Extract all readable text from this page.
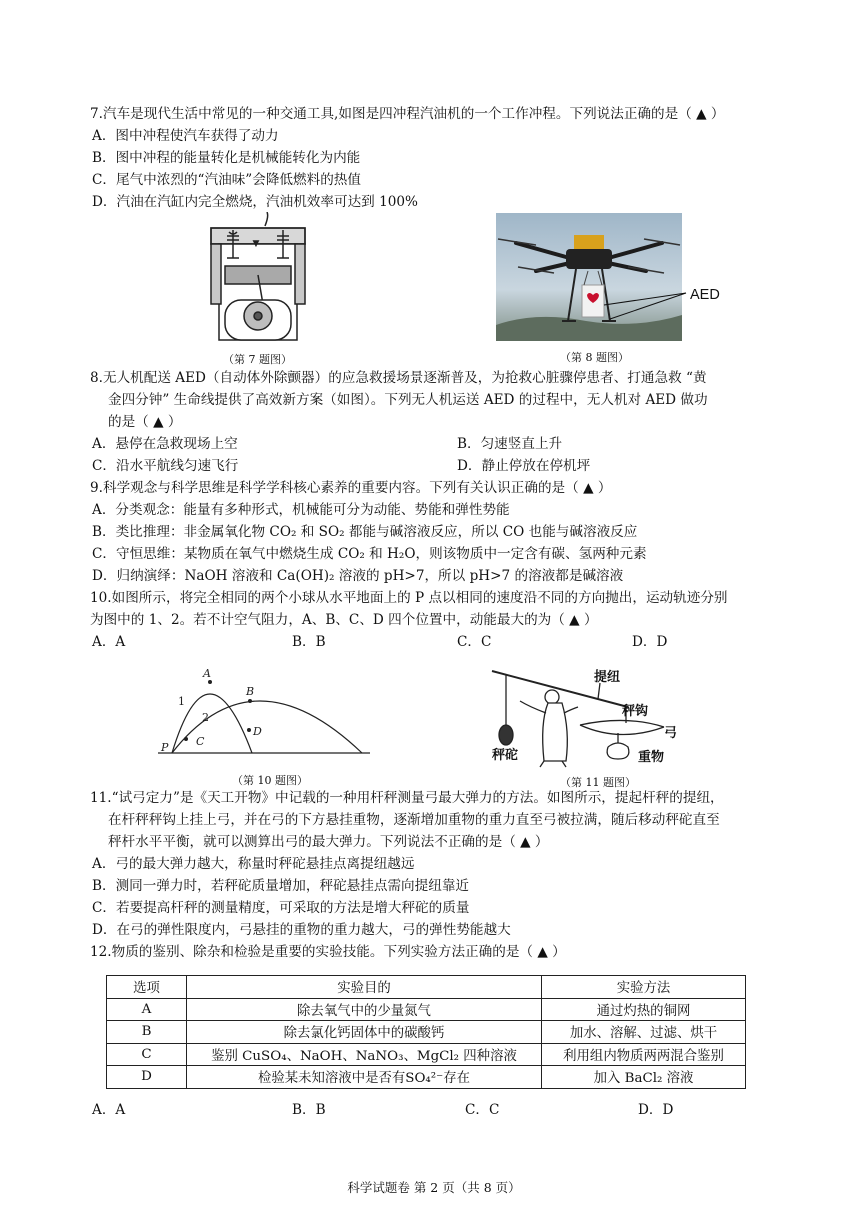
7.汽车是现代生活中常见的一种交通工具,如图是四冲程汽油机的一个工作冲程。下列说法正确的是（ ▲ ）
A．图中冲程使汽车获得了动力
B．图中冲程的能量转化是机械能转化为内能
C．尾气中浓烈的“汽油味”会降低燃料的热值
D．汽油在汽缸内完全燃烧，汽油机效率可达到 100%
▼
（第 7 题图）
AED
（第 8 题图）
8.无人机配送 AED（自动体外除颤器）的应急救援场景逐渐普及，为抢救心脏骤停患者、打通急救 “黄
金四分钟” 生命线提供了高效新方案（如图）。下列无人机运送 AED 的过程中，无人机对 AED 做功
的是（ ▲ ）
A．悬停在急救现场上空	B．匀速竖直上升
C．沿水平航线匀速飞行	D．静止停放在停机坪
9.科学观念与科学思维是科学学科核心素养的重要内容。下列有关认识正确的是（ ▲ ）
A．分类观念：能量有多种形式，机械能可分为动能、势能和弹性势能
B．类比推理：非金属氧化物 CO₂ 和 SO₂ 都能与碱溶液反应，所以 CO 也能与碱溶液反应
C．守恒思维：某物质在氧气中燃烧生成 CO₂ 和 H₂O，则该物质中一定含有碳、氢两种元素
D．归纳演绎：NaOH 溶液和 Ca(OH)₂ 溶液的 pH>7，所以 pH>7 的溶液都是碱溶液
10.如图所示，将完全相同的两个小球从水平地面上的 P 点以相同的速度沿不同的方向抛出，运动轨迹分别
为图中的 1、2。若不计空气阻力，A、B、C、D 四个位置中，动能最大的为（ ▲ ）
A．A	B．B	C．C	D．D
A
B
C
D
P
1
2
（第 10 题图）
提纽
秤钩
弓
重物
秤砣
（第 11 题图）
11.“试弓定力”是《天工开物》中记载的一种用杆秤测量弓最大弹力的方法。如图所示，提起杆秤的提纽，
在杆秤秤钩上挂上弓，并在弓的下方悬挂重物，逐渐增加重物的重力直至弓被拉满，随后移动秤砣直至
秤杆水平平衡，就可以测算出弓的最大弹力。下列说法不正确的是（ ▲ ）
A．弓的最大弹力越大，称量时秤砣悬挂点离提纽越远
B．测同一弹力时，若秤砣质量增加，秤砣悬挂点需向提纽靠近
C．若要提高杆秤的测量精度，可采取的方法是增大秤砣的质量
D．在弓的弹性限度内，弓悬挂的重物的重力越大，弓的弹性势能越大
12.物质的鉴别、除杂和检验是重要的实验技能。下列实验方法正确的是（ ▲ ）
选项	实验目的	实验方法
A	除去氧气中的少量氮气	通过灼热的铜网
B	除去氯化钙固体中的碳酸钙	加水、溶解、过滤、烘干
C	鉴别 CuSO₄、NaOH、NaNO₃、MgCl₂ 四种溶液	利用组内物质两两混合鉴别
D	检验某未知溶液中是否有SO₄²⁻存在	加入 BaCl₂ 溶液
A．A	B．B	C．C	D．D
科学试题卷 第 2 页（共 8 页）
